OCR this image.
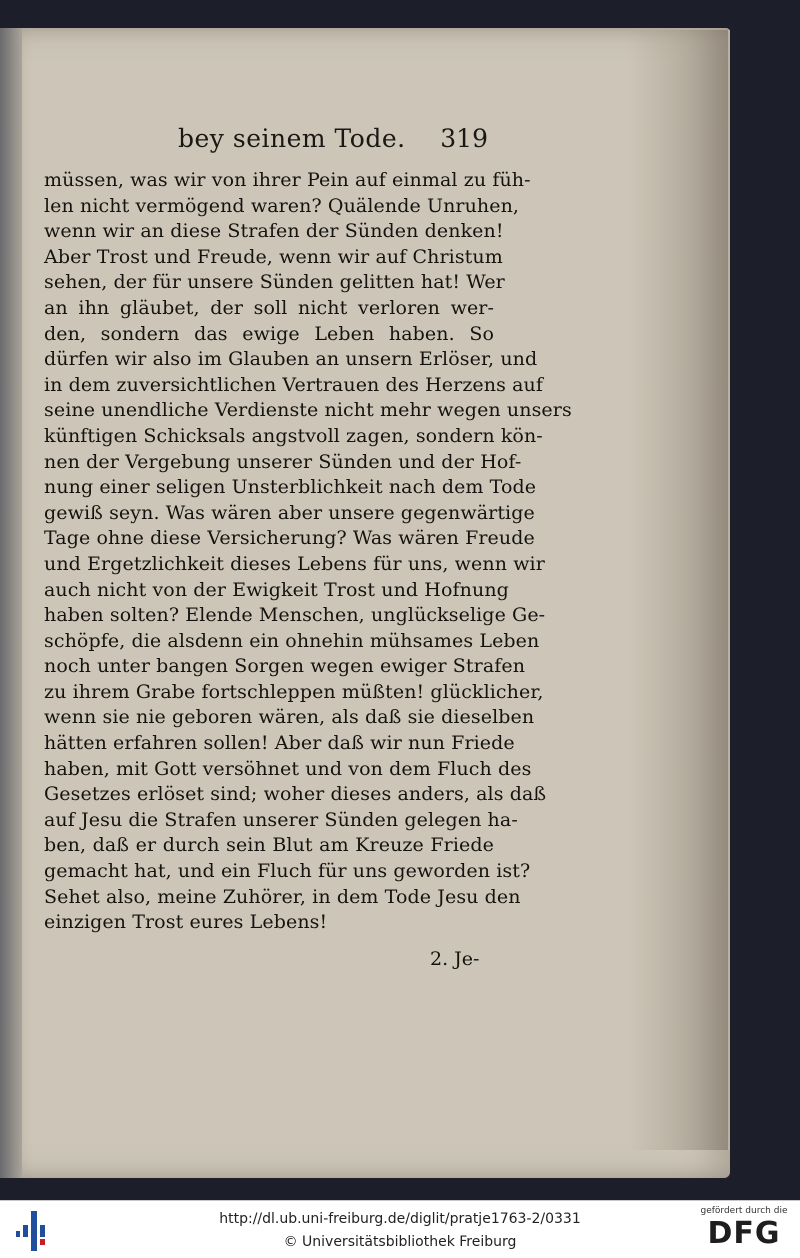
bey seinem Tode. 319
müssen, was wir von ihrer Pein auf einmal zu füh-
len nicht vermögend waren? Quälende Unruhen,
wenn wir an diese Strafen der Sünden denken!
Aber Trost und Freude, wenn wir auf Christum
sehen, der für unsere Sünden gelitten hat! Wer
an ihn gläubet, der soll nicht verloren wer-
den, sondern das ewige Leben haben. So
dürfen wir also im Glauben an unsern Erlöser, und
in dem zuversichtlichen Vertrauen des Herzens auf
seine unendliche Verdienste nicht mehr wegen unsers
künftigen Schicksals angstvoll zagen, sondern kön-
nen der Vergebung unserer Sünden und der Hof-
nung einer seligen Unsterblichkeit nach dem Tode
gewiß seyn. Was wären aber unsere gegenwärtige
Tage ohne diese Versicherung? Was wären Freude
und Ergetzlichkeit dieses Lebens für uns, wenn wir
auch nicht von der Ewigkeit Trost und Hofnung
haben solten? Elende Menschen, unglückselige Ge-
schöpfe, die alsdenn ein ohnehin mühsames Leben
noch unter bangen Sorgen wegen ewiger Strafen
zu ihrem Grabe fortschleppen müßten! glücklicher,
wenn sie nie geboren wären, als daß sie dieselben
hätten erfahren sollen! Aber daß wir nun Friede
haben, mit Gott versöhnet und von dem Fluch des
Gesetzes erlöset sind; woher dieses anders, als daß
auf Jesu die Strafen unserer Sünden gelegen ha-
ben, daß er durch sein Blut am Kreuze Friede
gemacht hat, und ein Fluch für uns geworden ist?
Sehet also, meine Zuhörer, in dem Tode Jesu den
einzigen Trost eures Lebens!
2. Je-
http://dl.ub.uni-freiburg.de/diglit/pratje1763-2/0331
© Universitätsbibliothek Freiburg
gefördert durch die
DFG
